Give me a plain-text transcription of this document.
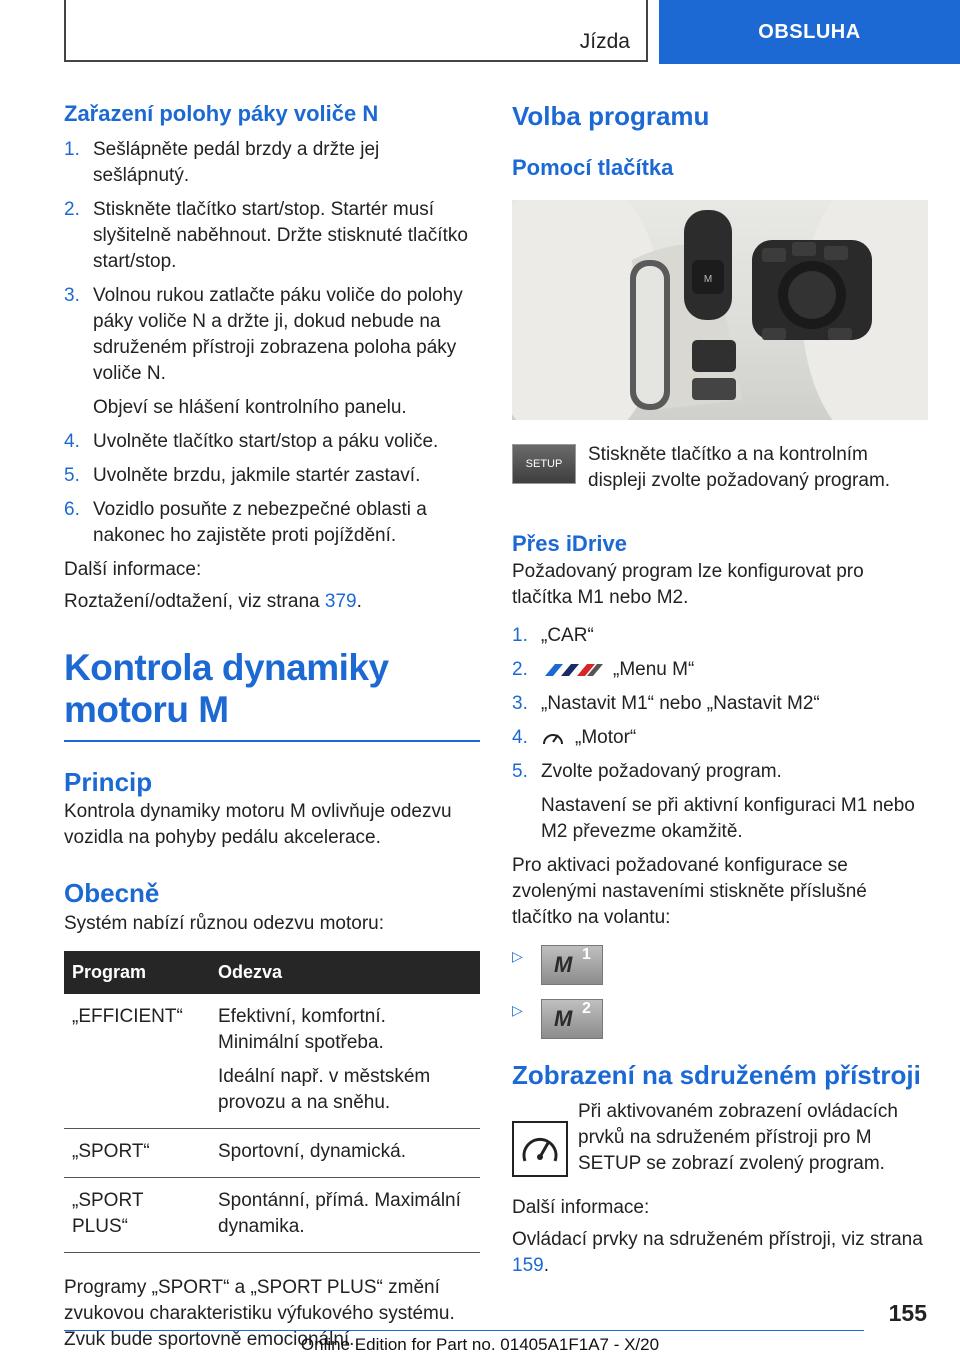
Jízda	OBSLUHA
Zařazení polohy páky voliče N
1. Sešlápněte pedál brzdy a držte jej sešlápnutý.
2. Stiskněte tlačítko start/stop. Startér musí slyšitelně naběhnout. Držte stisknuté tlačítko start/stop.
3. Volnou rukou zatlačte páku voliče do polohy páky voliče N a držte ji, dokud nebude na sdruženém přístroji zobrazena poloha páky voliče N.
Objeví se hlášení kontrolního panelu.
4. Uvolněte tlačítko start/stop a páku voliče.
5. Uvolněte brzdu, jakmile startér zastaví.
6. Vozidlo posuňte z nebezpečné oblasti a nakonec ho zajistěte proti pojíždění.

Další informace:

Roztažení/odtažení, viz strana 379.

Kontrola dynamiky motoru M
Princip

Kontrola dynamiky motoru M ovlivňuje odezvu vozidla na pohyby pedálu akcelerace.

Obecně

Systém nabízí různou odezvu motoru:

Program	Odezva
„EFFICIENT“	Efektivní, komfortní. Minimální spotřeba.
Ideální např. v městském provozu a na sněhu.

„SPORT“	Sportovní, dynamická.
„SPORT PLUS“	Spontánní, přímá. Maximální dynamika.

Programy „SPORT“ a „SPORT PLUS“ změní zvukovou charakteristiku výfukového systému. Zvuk bude sportovně emocionální.

Volba programu
Pomocí tlačítka
M
SETUP	Stiskněte tlačítko a na kontrolním displeji zvolte požadovaný program.

Přes iDrive

Požadovaný program lze konfigurovat pro tlačítka M1 nebo M2.

1. „CAR“
2.	„Menu M“
3. „Nastavit M1“ nebo „Nastavit M2“
4. „Motor“
5. Zvolte požadovaný program.
Nastavení se při aktivní konfiguraci M1 nebo M2 převezme okamžitě.

Pro aktivaci požadované konfigurace se zvolenými nastaveními stiskněte příslušné tlačítko na volantu:

▷	M 1
▷	M 2
Zobrazení na sdruženém přístroji

Při aktivovaném zobrazení ovládacích prvků na sdruženém přístroji pro M SETUP se zobrazí zvolený program.

Další informace:

Ovládací prvky na sdruženém přístroji, viz strana 159.

155
Online Edition for Part no. 01405A1F1A7 - X/20
